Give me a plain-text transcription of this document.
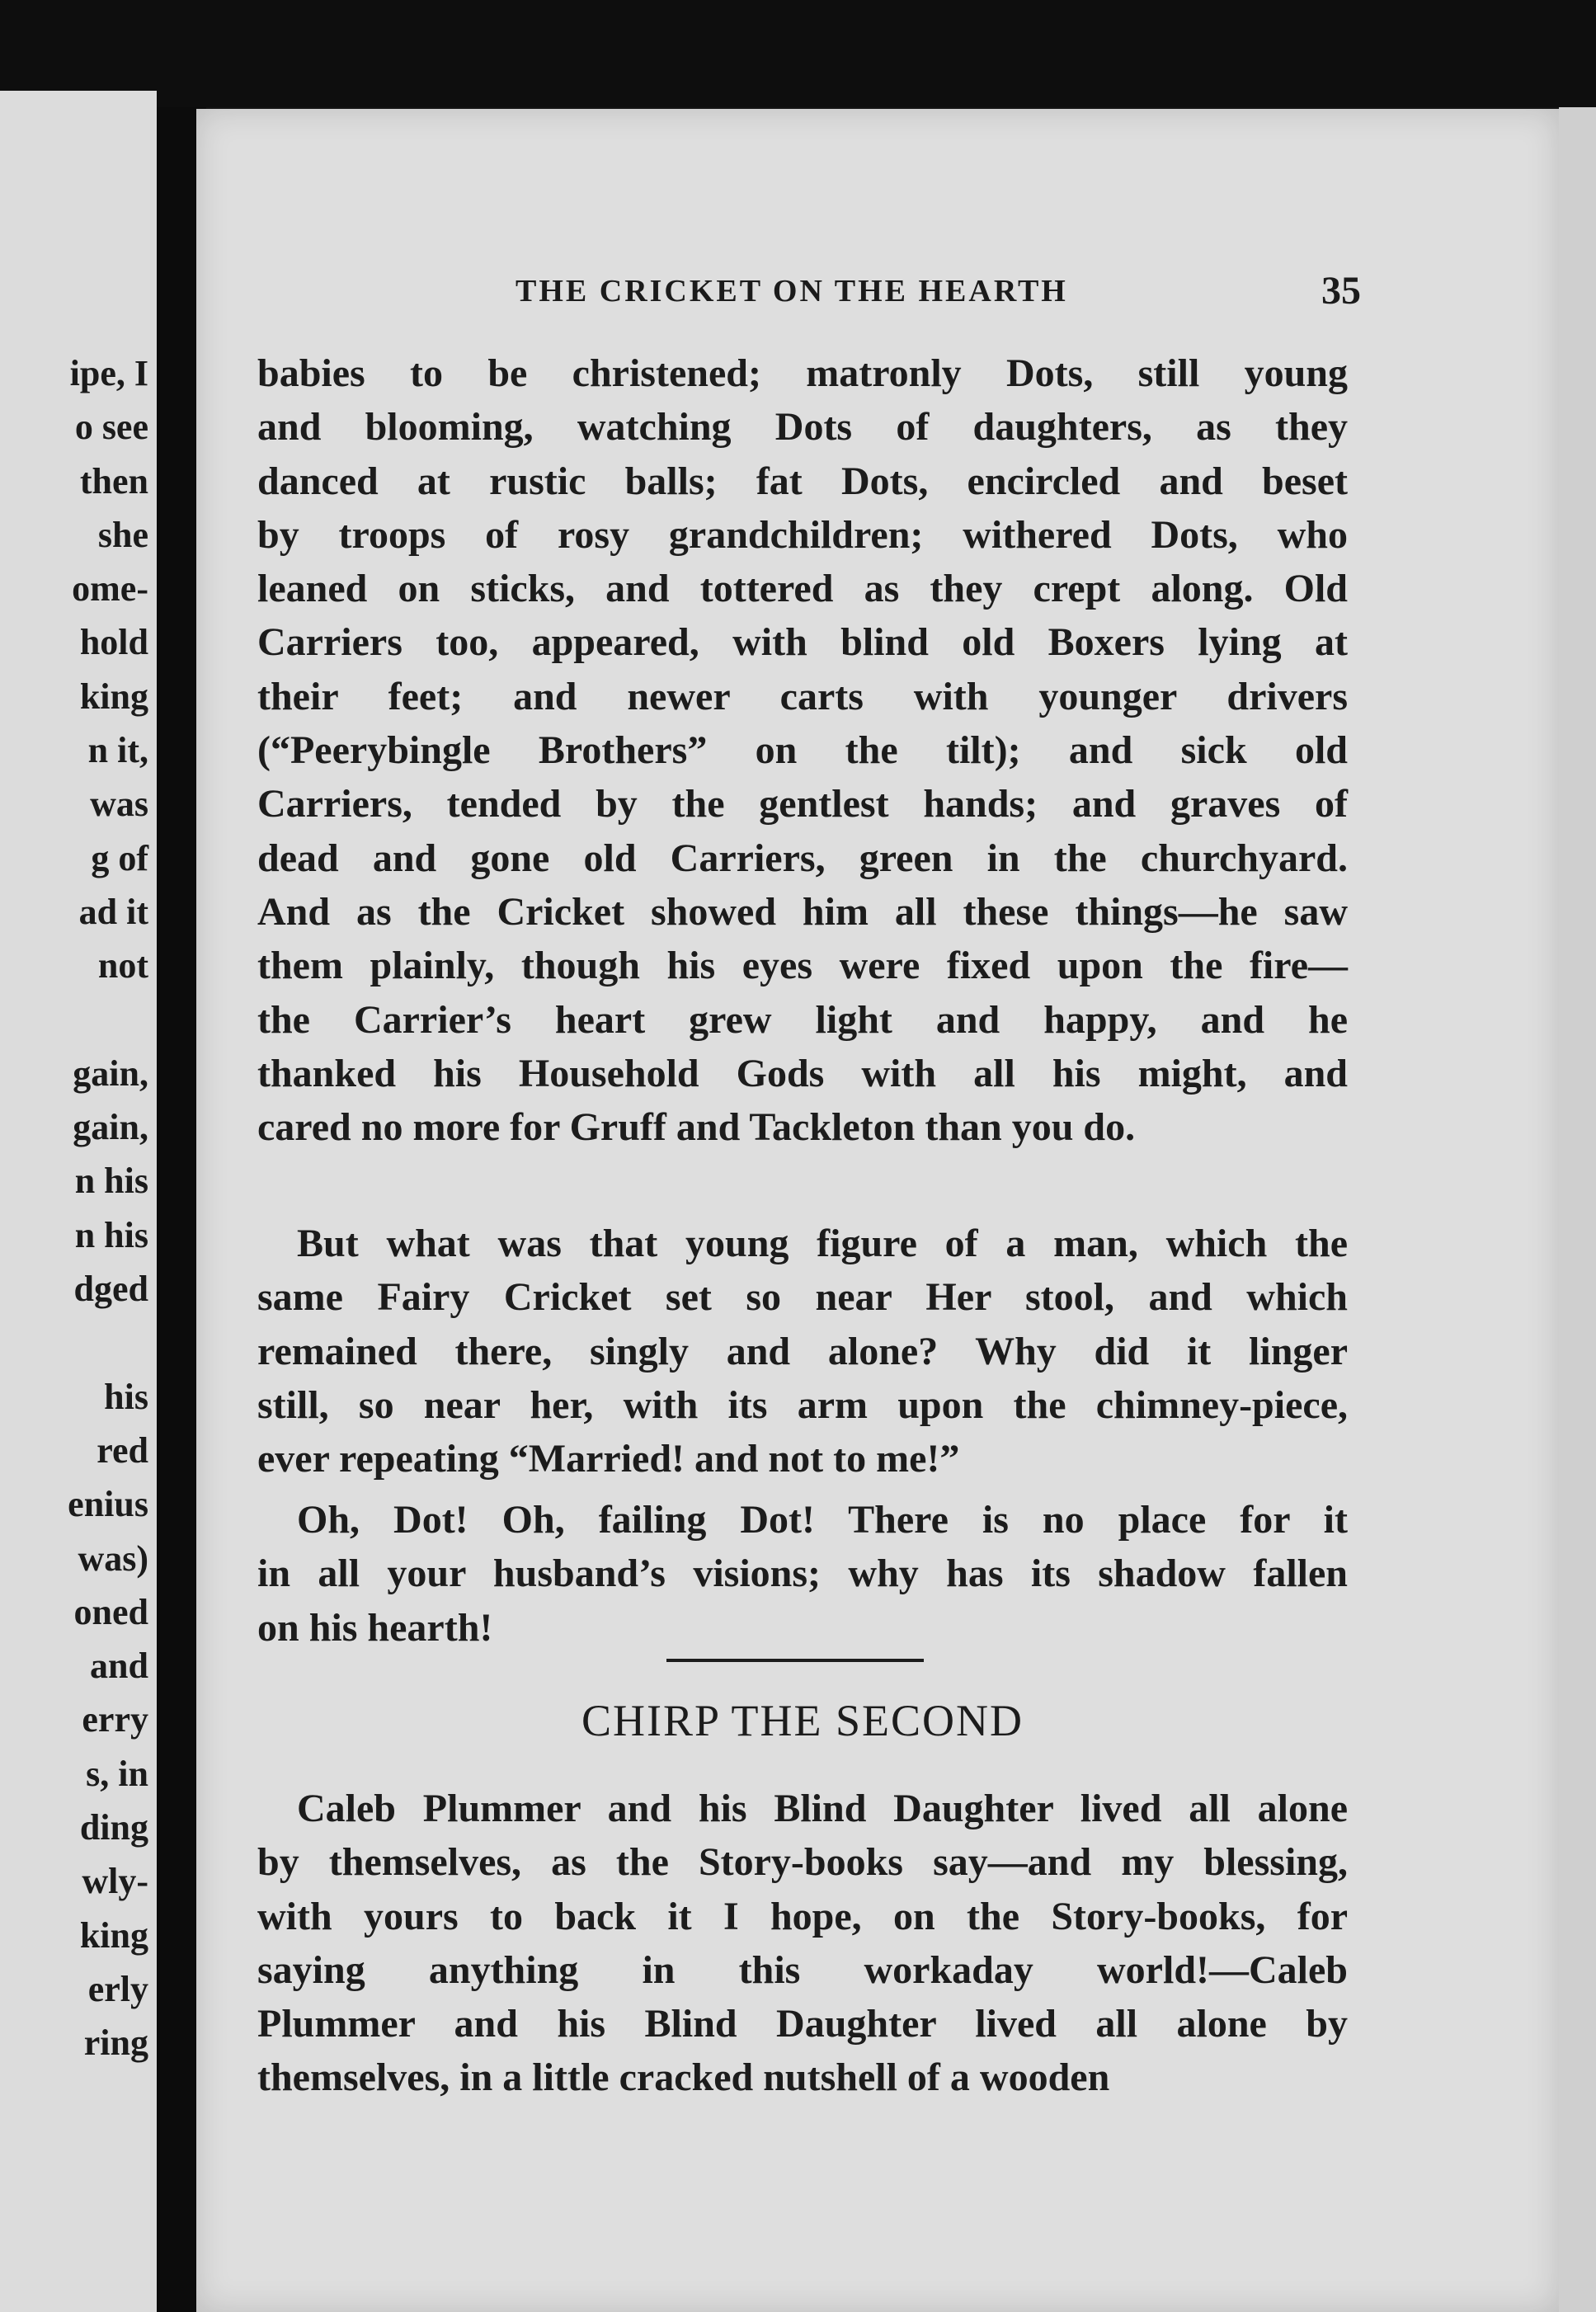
ipe, I
o see
then
she
ome-
hold
king
n it,
was
g of
ad it
not
gain,
gain,
n his
n his
dged
his
red
enius
was)
oned
and
erry
s, in
ding
wly-
king
erly
ring
THE CRICKET ON THE HEARTH	35
babies to be christened; matronly Dots, still young
and blooming, watching Dots of daughters, as they
danced at rustic balls; fat Dots, encircled and beset
by troops of rosy grandchildren; withered Dots, who
leaned on sticks, and tottered as they crept along. Old
Carriers too, appeared, with blind old Boxers lying at
their feet; and newer carts with younger drivers
(“Peerybingle Brothers” on the tilt); and sick old
Carriers, tended by the gentlest hands; and graves of
dead and gone old Carriers, green in the churchyard.
And as the Cricket showed him all these things—he saw
them plainly, though his eyes were fixed upon the fire—
the Carrier’s heart grew light and happy, and he
thanked his Household Gods with all his might, and
cared no more for Gruff and Tackleton than you do.
But what was that young figure of a man, which the
same Fairy Cricket set so near Her stool, and which
remained there, singly and alone? Why did it linger
still, so near her, with its arm upon the chimney-piece,
ever repeating “Married! and not to me!”
Oh, Dot! Oh, failing Dot! There is no place for it
in all your husband’s visions; why has its shadow fallen
on his hearth!
CHIRP THE SECOND
Caleb Plummer and his Blind Daughter lived all alone
by themselves, as the Story-books say—and my blessing,
with yours to back it I hope, on the Story-books, for
saying anything in this workaday world!—Caleb
Plummer and his Blind Daughter lived all alone by
themselves, in a little cracked nutshell of a wooden
